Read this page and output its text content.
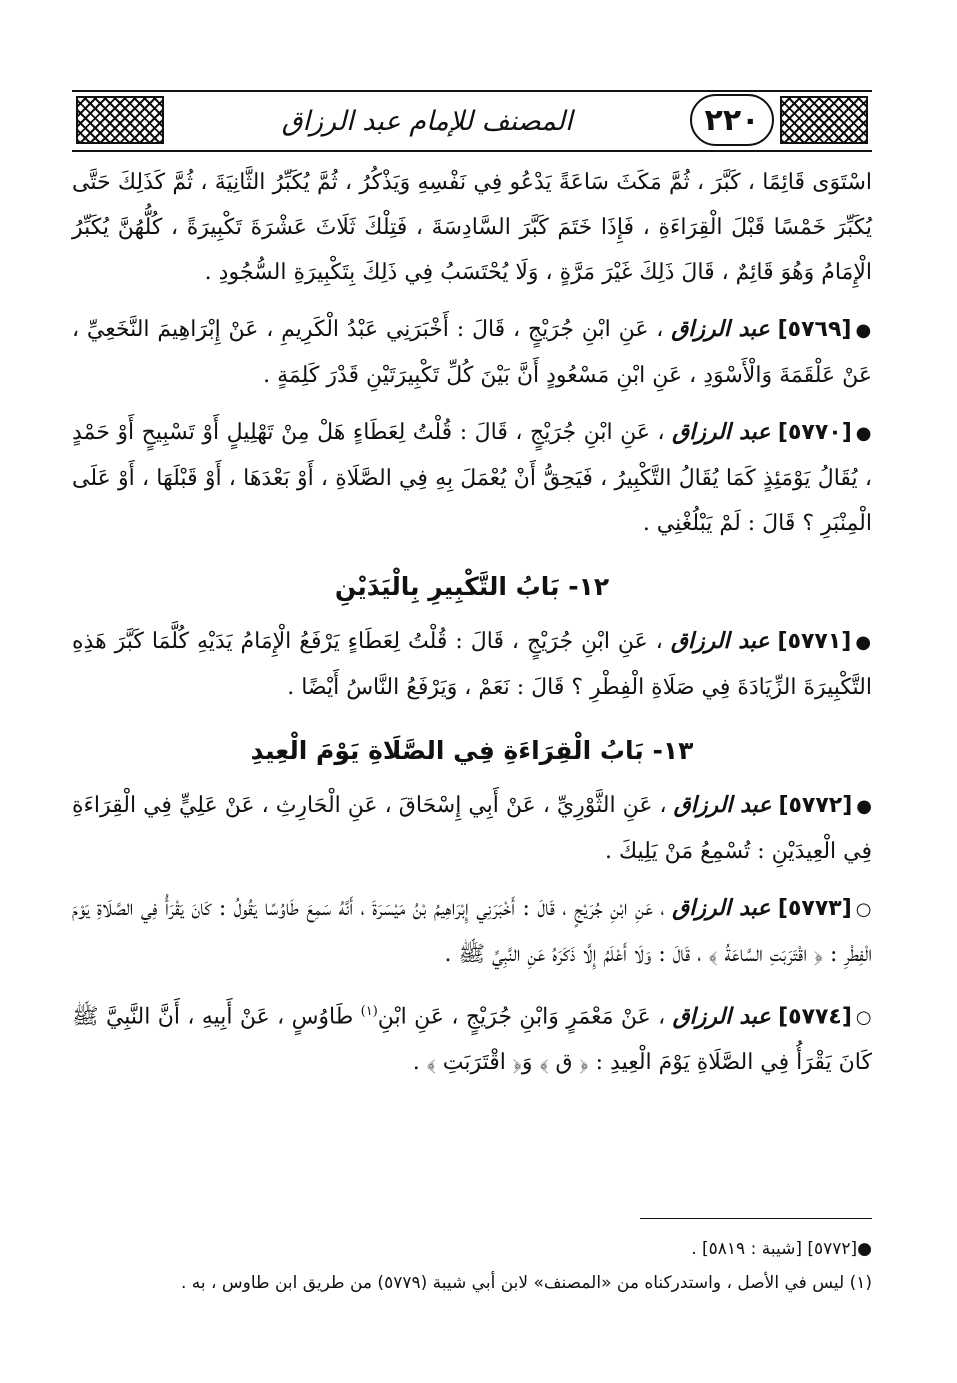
المصنف للإمام عبد الرزاق	٢٢٠

اسْتَوَى قَائِمًا ، كَبَّرَ ، ثُمَّ مَكَثَ سَاعَةً يَدْعُو فِي نَفْسِهِ وَيَذْكُرُ ، ثُمَّ يُكَبِّرُ الثَّانِيَةَ ، ثُمَّ كَذَلِكَ حَتَّى يُكَبِّرَ خَمْسًا قَبْلَ الْقِرَاءَةِ ، فَإِذَا خَتَمَ كَبَّرَ السَّادِسَةَ ، فَتِلْكَ ثَلَاثَ عَشْرَةَ تَكْبِيرَةً ، كُلُّهُنَّ يُكَبِّرُ الْإِمَامُ وَهُوَ قَائِمٌ ، قَالَ ذَلِكَ غَيْرَ مَرَّةٍ ، وَلَا يُحْتَسَبُ فِي ذَلِكَ بِتَكْبِيرَةِ السُّجُودِ .

●[٥٧٦٩] عبد الرزاق ، عَنِ ابْنِ جُرَيْجٍ ، قَالَ : أَخْبَرَنِي عَبْدُ الْكَرِيمِ ، عَنْ إِبْرَاهِيمَ النَّخَعِيِّ ، عَنْ عَلْقَمَةَ وَالْأَسْوَدِ ، عَنِ ابْنِ مَسْعُودٍ أَنَّ بَيْنَ كُلِّ تَكْبِيرَتَيْنِ قَدْرَ كَلِمَةٍ .

●[٥٧٧٠] عبد الرزاق ، عَنِ ابْنِ جُرَيْجٍ ، قَالَ : قُلْتُ لِعَطَاءٍ هَلْ مِنْ تَهْلِيلٍ أَوْ تَسْبِيحٍ أَوْ حَمْدٍ ، يُقَالُ يَوْمَئِذٍ كَمَا يُقَالُ التَّكْبِيرُ ، فَيَحِقُّ أَنْ يُعْمَلَ بِهِ فِي الصَّلَاةِ ، أَوْ بَعْدَهَا ، أَوْ قَبْلَهَا ، أَوْ عَلَى الْمِنْبَرِ ؟ قَالَ : لَمْ يَبْلُغْنِي .

١٢- بَابُ التَّكْبِيرِ بِالْيَدَيْنِ

●[٥٧٧١] عبد الرزاق ، عَنِ ابْنِ جُرَيْجٍ ، قَالَ : قُلْتُ لِعَطَاءٍ يَرْفَعُ الْإِمَامُ يَدَيْهِ كُلَّمَا كَبَّرَ هَذِهِ التَّكْبِيرَةَ الزِّيَادَةَ فِي صَلَاةِ الْفِطْرِ ؟ قَالَ : نَعَمْ ، وَيَرْفَعُ النَّاسُ أَيْضًا .

١٣- بَابُ الْقِرَاءَةِ فِي الصَّلَاةِ يَوْمَ الْعِيدِ

●[٥٧٧٢] عبد الرزاق ، عَنِ الثَّوْرِيِّ ، عَنْ أَبِي إِسْحَاقَ ، عَنِ الْحَارِثِ ، عَنْ عَلِيٍّ فِي الْقِرَاءَةِ فِي الْعِيدَيْنِ : تُسْمِعُ مَنْ يَلِيكَ .

○[٥٧٧٣] عبد الرزاق ، عَنِ ابْنِ جُرَيْجٍ ، قَالَ : أَخْبَرَنِي إِبْرَاهِيمُ بْنُ مَيْسَرَةَ ، أَنَّهُ سَمِعَ طَاوُسًا يَقُولُ : كَانَ يَقْرَأُ فِي الصَّلَاةِ يَوْمَ الْفِطْرِ : ﴿ اقْتَرَبَتِ السَّاعَةُ ﴾ ، قَالَ : وَلَا أَعْلَمُ إِلَّا ذَكَرَهُ عَنِ النَّبِيِّ ﷺ .

○[٥٧٧٤] عبد الرزاق ، عَنْ مَعْمَرٍ وَابْنِ جُرَيْجٍ ، عَنِ ابْنِ$^{(١)}$ طَاوُسٍ ، عَنْ أَبِيهِ ، أَنَّ النَّبِيَّ ﷺ كَانَ يَقْرَأُ فِي الصَّلَاةِ يَوْمَ الْعِيدِ : ﴿ ق ﴾ وَ﴿ اقْتَرَبَتِ ﴾ .

●[٥٧٧٢] [شيبة : ٥٨١٩] .
(١) ليس في الأصل ، واستدركناه من «المصنف» لابن أبي شيبة (٥٧٧٩) من طريق ابن طاوس ، به .
